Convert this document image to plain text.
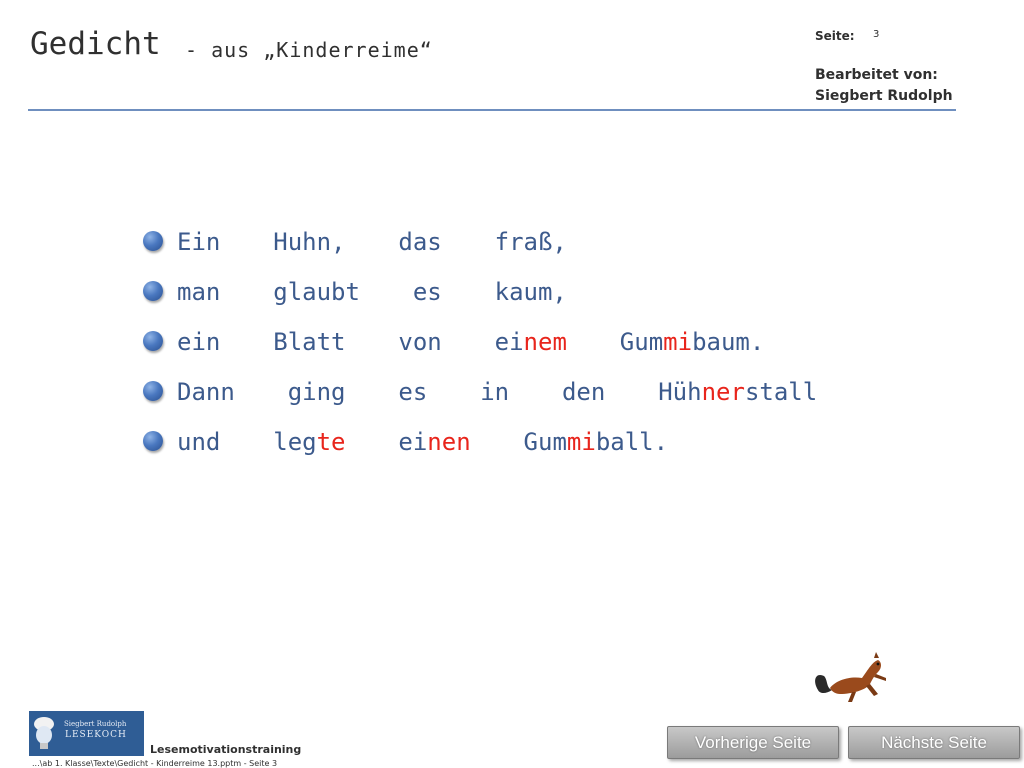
Gedicht - aus „Kinderreime“
Seite: 3
Bearbeitet von:
Siegbert Rudolph
Ein  Huhn,  das  fraß,
man  glaubt  es  kaum,
ein  Blatt  von  einem  Gummibaum.
Dann  ging  es  in  den  Hühnerstall
und  legte  einen  Gummiball.
Siegbert Rudolph
LESEKOCH
Lesemotivationstraining
...\ab 1. Klasse\Texte\Gedicht - Kinderreime 13.pptm - Seite 3
Vorherige Seite	Nächste Seite
